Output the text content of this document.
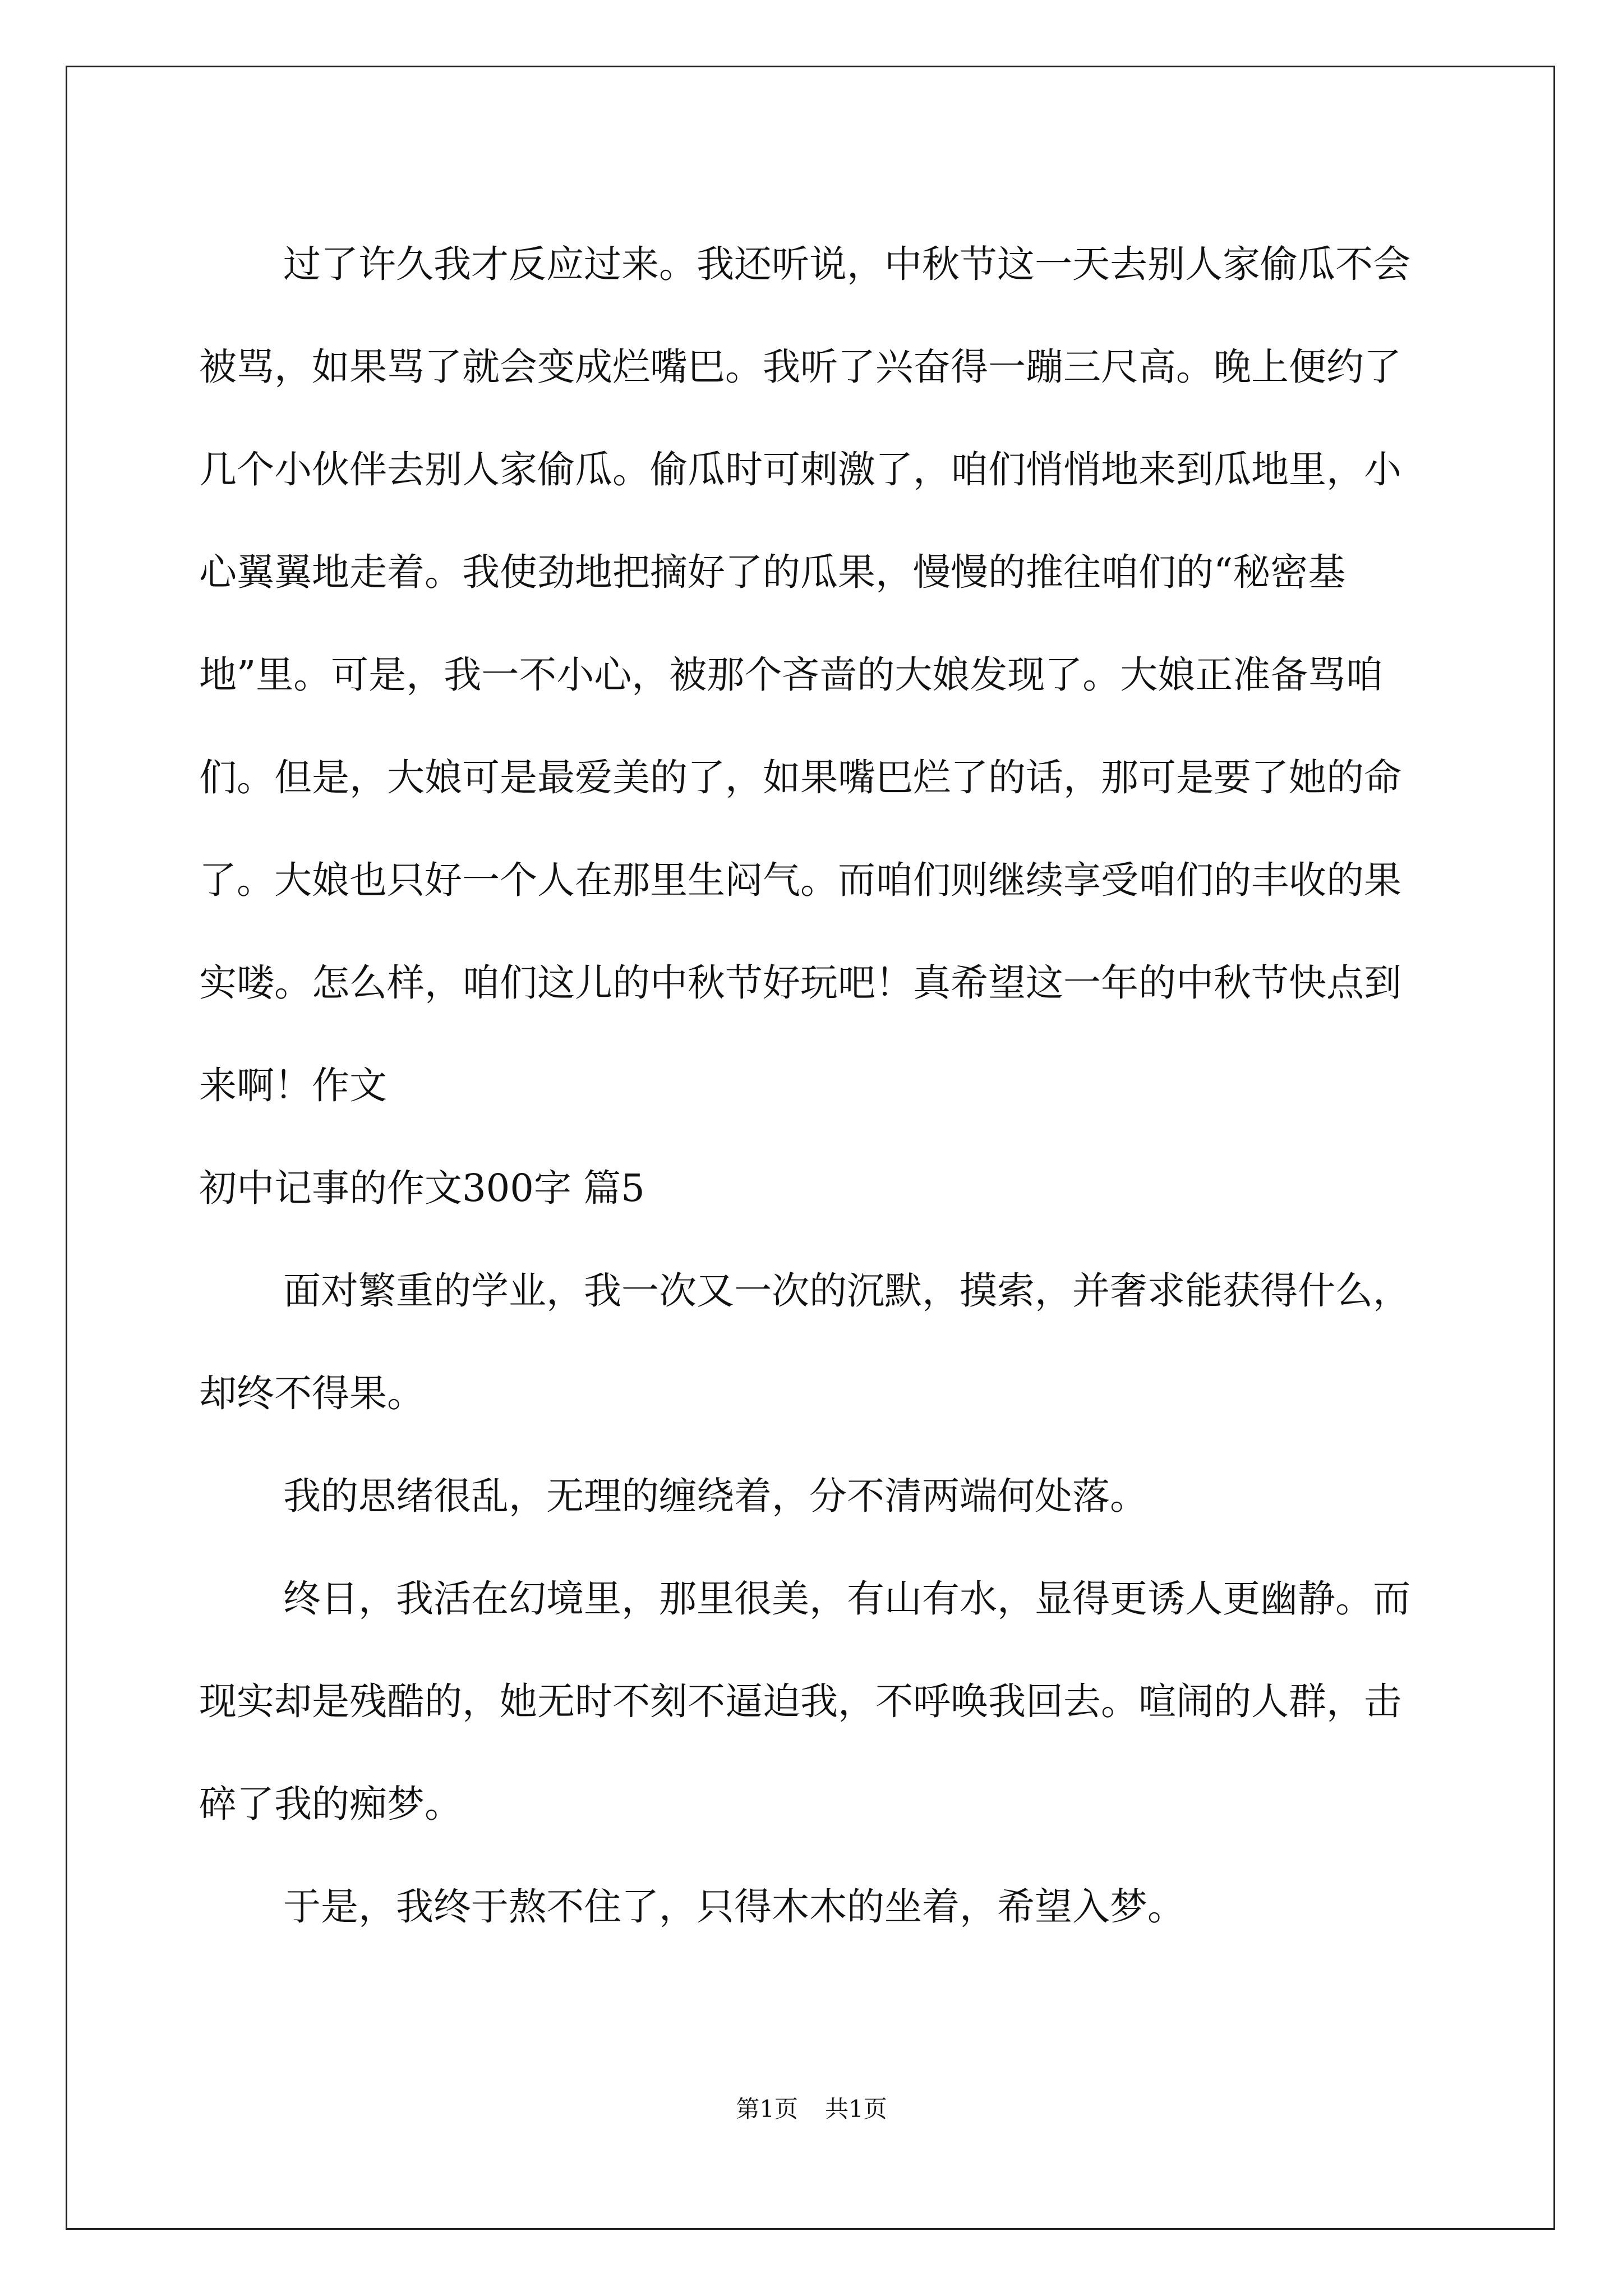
过了许久我才反应过来。我还听说，中秋节这一天去别人家偷瓜不会被骂，如果骂了就会变成烂嘴巴。我听了兴奋得一蹦三尺高。晚上便约了几个小伙伴去别人家偷瓜。偷瓜时可刺激了，咱们悄悄地来到瓜地里，小心翼翼地走着。我使劲地把摘好了的瓜果，慢慢的推往咱们的“秘密基地”里。可是，我一不小心，被那个吝啬的大娘发现了。大娘正准备骂咱们。但是，大娘可是最爱美的了，如果嘴巴烂了的话，那可是要了她的命了。大娘也只好一个人在那里生闷气。而咱们则继续享受咱们的丰收的果实喽。怎么样，咱们这儿的中秋节好玩吧！真希望这一年的中秋节快点到来啊！作文

初中记事的作文300字 篇5

面对繁重的学业，我一次又一次的沉默，摸索，并奢求能获得什么，却终不得果。

我的思绪很乱，无理的缠绕着，分不清两端何处落。

终日，我活在幻境里，那里很美，有山有水，显得更诱人更幽静。而现实却是残酷的，她无时不刻不逼迫我，不呼唤我回去。喧闹的人群，击碎了我的痴梦。

于是，我终于熬不住了，只得木木的坐着，希望入梦。

第1页 共1页
